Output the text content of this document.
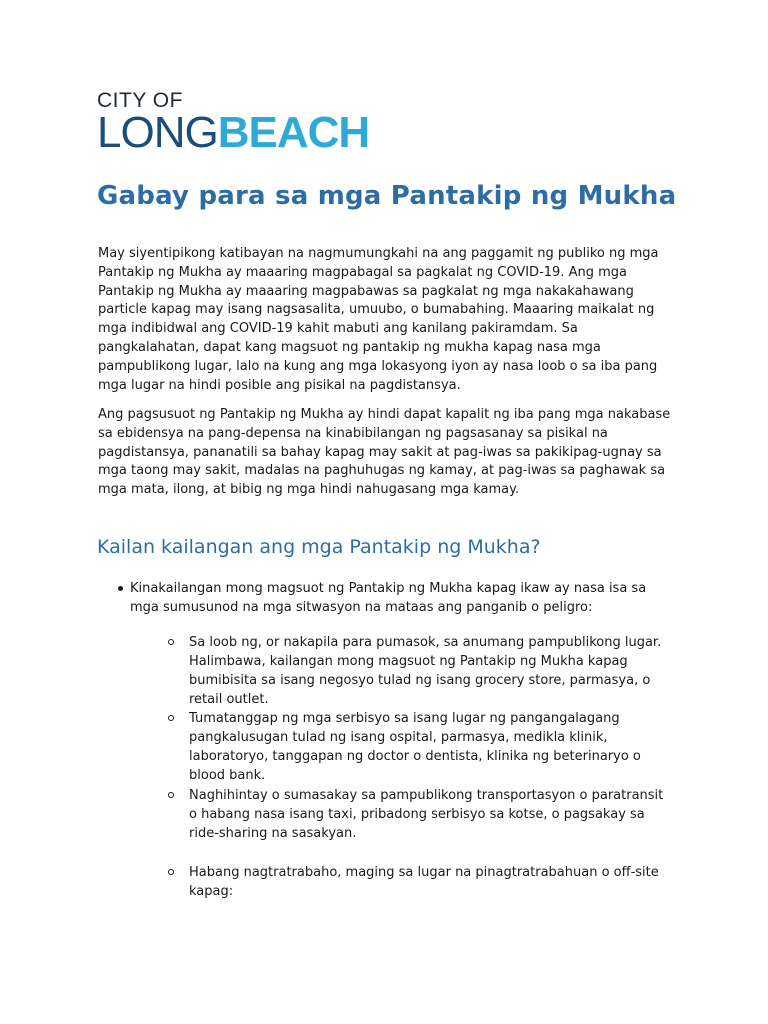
CITY OF
LONGBEACH
Gabay para sa mga Pantakip ng Mukha

May siyentipikong katibayan na nagmumungkahi na ang paggamit ng publiko ng mga Pantakip ng Mukha ay maaaring magpabagal sa pagkalat ng COVID-19. Ang mga Pantakip ng Mukha ay maaaring magpabawas sa pagkalat ng mga nakakahawang particle kapag may isang nagsasalita, umuubo, o bumabahing. Maaaring maikalat ng mga indibidwal ang COVID-19 kahit mabuti ang kanilang pakiramdam. Sa pangkalahatan, dapat kang magsuot ng pantakip ng mukha kapag nasa mga pampublikong lugar, lalo na kung ang mga lokasyong iyon ay nasa loob o sa iba pang mga lugar na hindi posible ang pisikal na pagdistansya.

Ang pagsusuot ng Pantakip ng Mukha ay hindi dapat kapalit ng iba pang mga nakabase sa ebidensya na pang-depensa na kinabibilangan ng pagsasanay sa pisikal na pagdistansya, pananatili sa bahay kapag may sakit at pag-iwas sa pakikipag-ugnay sa mga taong may sakit, madalas na paghuhugas ng kamay, at pag-iwas sa paghawak sa mga mata, ilong, at bibig ng mga hindi nahugasang mga kamay.

Kailan kailangan ang mga Pantakip ng Mukha?
Kinakailangan mong magsuot ng Pantakip ng Mukha kapag ikaw ay nasa isa sa mga sumusunod na mga sitwasyon na mataas ang panganib o peligro:
Sa loob ng, or nakapila para pumasok, sa anumang pampublikong lugar. Halimbawa, kailangan mong magsuot ng Pantakip ng Mukha kapag bumibisita sa isang negosyo tulad ng isang grocery store, parmasya, o retail outlet.
Tumatanggap ng mga serbisyo sa isang lugar ng pangangalagang pangkalusugan tulad ng isang ospital, parmasya, medikla klinik, laboratoryo, tanggapan ng doctor o dentista, klinika ng beterinaryo o blood bank.
Naghihintay o sumasakay sa pampublikong transportasyon o paratransit o habang nasa isang taxi, pribadong serbisyo sa kotse, o pagsakay sa ride-sharing na sasakyan.
Habang nagtratrabaho, maging sa lugar na pinagtratrabahuan o off-site kapag:
